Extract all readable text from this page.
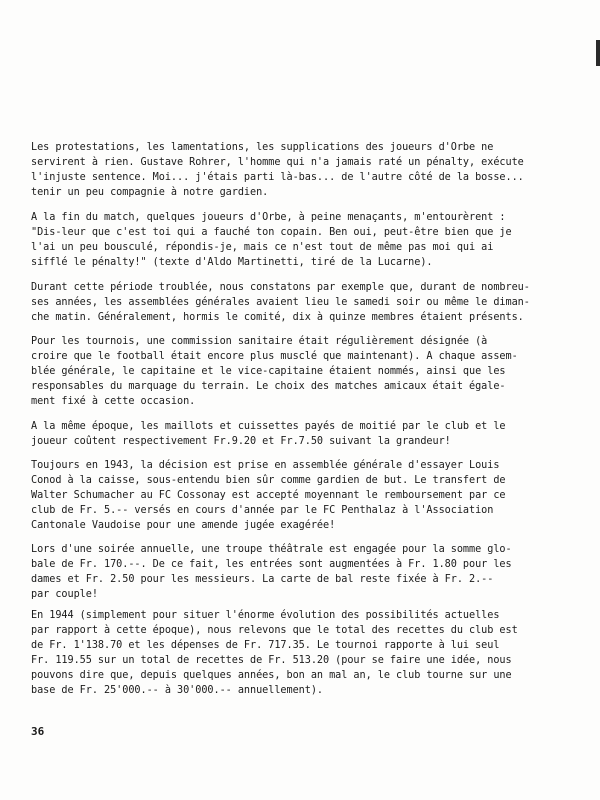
Les protestations, les lamentations, les supplications des joueurs d'Orbe ne
servirent à rien. Gustave Rohrer, l'homme qui n'a jamais raté un pénalty, exécute
l'injuste sentence. Moi... j'étais parti là-bas... de l'autre côté de la bosse...
tenir un peu compagnie à notre gardien.
A la fin du match, quelques joueurs d'Orbe, à peine menaçants, m'entourèrent :
"Dis-leur que c'est toi qui a fauché ton copain. Ben oui, peut-être bien que je
l'ai un peu bousculé, répondis-je, mais ce n'est tout de même pas moi qui ai
sifflé le pénalty!" (texte d'Aldo Martinetti, tiré de la Lucarne).
Durant cette période troublée, nous constatons par exemple que, durant de nombreu-
ses années, les assemblées générales avaient lieu le samedi soir ou même le diman-
che matin. Généralement, hormis le comité, dix à quinze membres étaient présents.
Pour les tournois, une commission sanitaire était régulièrement désignée (à
croire que le football était encore plus musclé que maintenant). A chaque assem-
blée générale, le capitaine et le vice-capitaine étaient nommés, ainsi que les
responsables du marquage du terrain. Le choix des matches amicaux était égale-
ment fixé à cette occasion.
A la même époque, les maillots et cuissettes payés de moitié par le club et le
joueur coûtent respectivement Fr.9.20 et Fr.7.50 suivant la grandeur!
Toujours en 1943, la décision est prise en assemblée générale d'essayer Louis
Conod à la caisse, sous-entendu bien sûr comme gardien de but. Le transfert de
Walter Schumacher au FC Cossonay est accepté moyennant le remboursement par ce
club de Fr. 5.-- versés en cours d'année par le FC Penthalaz à l'Association
Cantonale Vaudoise pour une amende jugée exagérée!
Lors d'une soirée annuelle, une troupe théâtrale est engagée pour la somme glo-
bale de Fr. 170.--. De ce fait, les entrées sont augmentées à Fr. 1.80 pour les
dames et Fr. 2.50 pour les messieurs. La carte de bal reste fixée à Fr. 2.--
par couple!
En 1944 (simplement pour situer l'énorme évolution des possibilités actuelles
par rapport à cette époque), nous relevons que le total des recettes du club est
de Fr. 1'138.70 et les dépenses de Fr. 717.35. Le tournoi rapporte à lui seul
Fr. 119.55 sur un total de recettes de Fr. 513.20 (pour se faire une idée, nous
pouvons dire que, depuis quelques années, bon an mal an, le club tourne sur une
base de Fr. 25'000.-- à 30'000.-- annuellement).
36
